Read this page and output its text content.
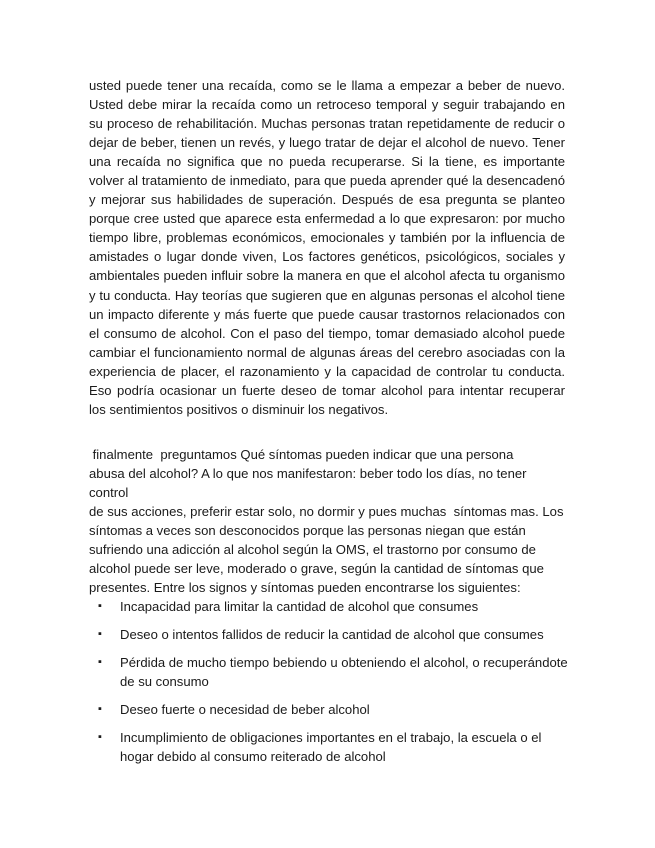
usted puede tener una recaída, como se le llama a empezar a beber de nuevo. Usted debe mirar la recaída como un retroceso temporal y seguir trabajando en su proceso de rehabilitación. Muchas personas tratan repetidamente de reducir o dejar de beber, tienen un revés, y luego tratar de dejar el alcohol de nuevo. Tener una recaída no significa que no pueda recuperarse. Si la tiene, es importante volver al tratamiento de inmediato, para que pueda aprender qué la desencadenó y mejorar sus habilidades de superación. Después de esa pregunta se planteo porque cree usted que aparece esta enfermedad a lo que expresaron: por mucho tiempo libre, problemas económicos, emocionales y también por la influencia de amistades o lugar donde viven, Los factores genéticos, psicológicos, sociales y ambientales pueden influir sobre la manera en que el alcohol afecta tu organismo y tu conducta. Hay teorías que sugieren que en algunas personas el alcohol tiene un impacto diferente y más fuerte que puede causar trastornos relacionados con el consumo de alcohol. Con el paso del tiempo, tomar demasiado alcohol puede cambiar el funcionamiento normal de algunas áreas del cerebro asociadas con la experiencia de placer, el razonamiento y la capacidad de controlar tu conducta. Eso podría ocasionar un fuerte deseo de tomar alcohol para intentar recuperar los sentimientos positivos o disminuir los negativos.

finalmente  preguntamos Qué síntomas pueden indicar que una persona
abusa del alcohol? A lo que nos manifestaron: beber todo los días, no tener control
de sus acciones, preferir estar solo, no dormir y pues muchas  síntomas mas. Los
síntomas a veces son desconocidos porque las personas niegan que están
sufriendo una adicción al alcohol según la OMS, el trastorno por consumo de
alcohol puede ser leve, moderado o grave, según la cantidad de síntomas que
presentes. Entre los signos y síntomas pueden encontrarse los siguientes:
▪ Incapacidad para limitar la cantidad de alcohol que consumes
▪ Deseo o intentos fallidos de reducir la cantidad de alcohol que consumes
▪ Pérdida de mucho tiempo bebiendo u obteniendo el alcohol, o recuperándote de su consumo
▪ Deseo fuerte o necesidad de beber alcohol
▪ Incumplimiento de obligaciones importantes en el trabajo, la escuela o el hogar debido al consumo reiterado de alcohol
